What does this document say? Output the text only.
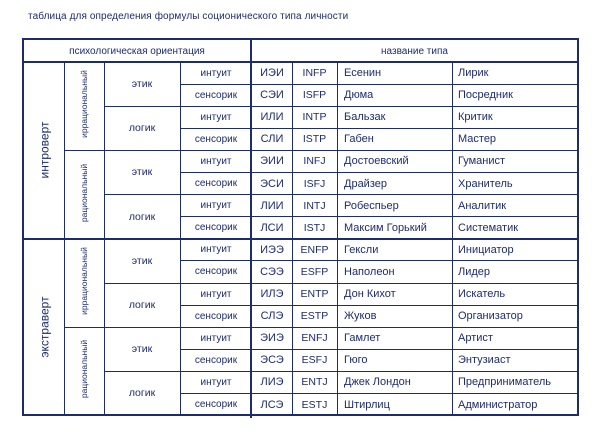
таблица для определения формулы соционического типа личности
психологическая ориентация	название типа
интроверт
экстраверт
иррациональный
рациональный
иррациональный
рациональный
этик
логик
этик
логик
этик
логик
этик
логик
интуит	ИЭИ	INFP	Есенин	Лирик
сенсорик	СЭИ	ISFP	Дюма	Посредник
интуит	ИЛИ	INTP	Бальзак	Критик
сенсорик	СЛИ	ISTP	Габен	Мастер
интуит	ЭИИ	INFJ	Достоевский	Гуманист
сенсорик	ЭСИ	ISFJ	Драйзер	Хранитель
интуит	ЛИИ	INTJ	Робеспьер	Аналитик
сенсорик	ЛСИ	ISTJ	Максим Горький	Систематик
интуит	ИЭЭ	ENFP	Гексли	Инициатор
сенсорик	СЭЭ	ESFP	Наполеон	Лидер
интуит	ИЛЭ	ENTP	Дон Кихот	Искатель
сенсорик	СЛЭ	ESTP	Жуков	Организатор
интуит	ЭИЭ	ENFJ	Гамлет	Артист
сенсорик	ЭСЭ	ESFJ	Гюго	Энтузиаст
интуит	ЛИЭ	ENTJ	Джек Лондон	Предприниматель
сенсорик	ЛСЭ	ESTJ	Штирлиц	Администратор
